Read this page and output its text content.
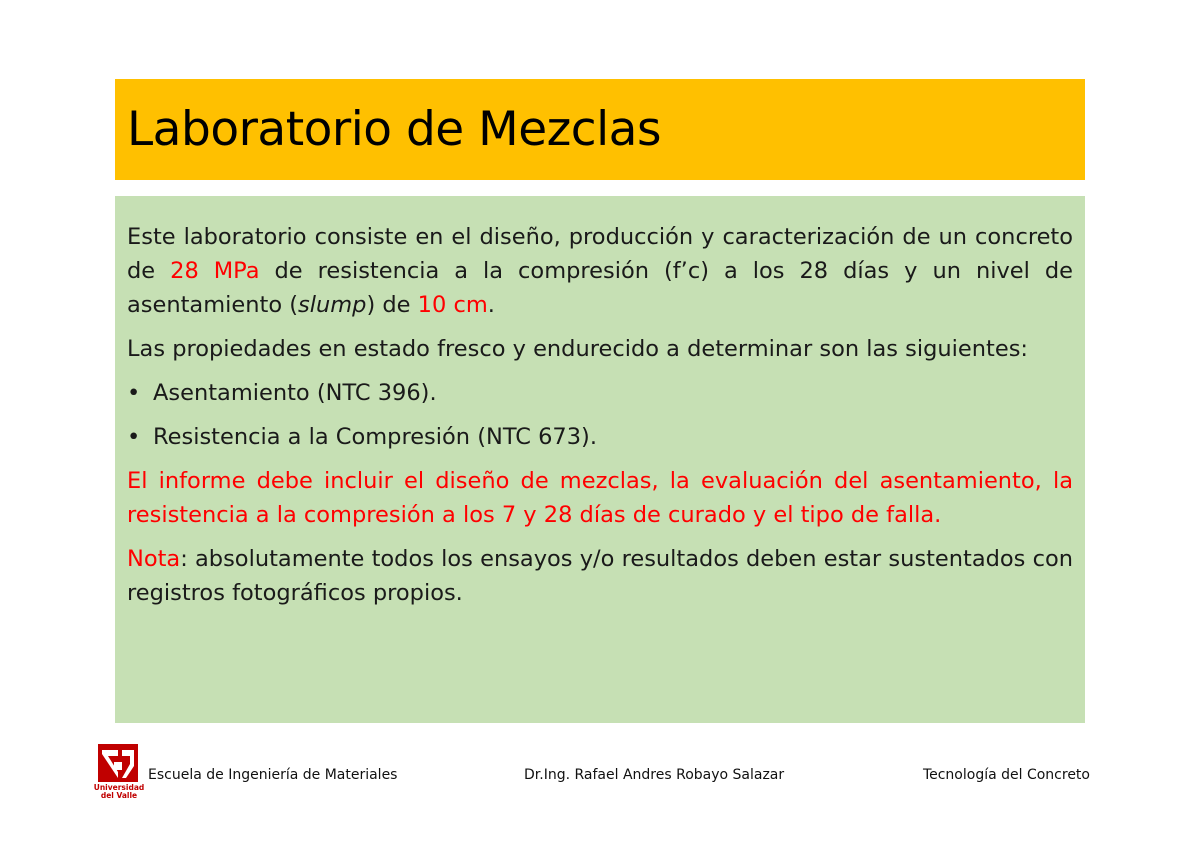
Laboratorio de Mezclas

Este laboratorio consiste en el diseño, producción y caracterización de un concreto de 28 MPa de resistencia a la compresión (f’c) a los 28 días y un nivel de asentamiento (slump) de 10 cm.

Las propiedades en estado fresco y endurecido a determinar son las siguientes:

• Asentamiento (NTC 396).
• Resistencia a la Compresión (NTC 673).

El informe debe incluir el diseño de mezclas, la evaluación del asentamiento, la resistencia a la compresión a los 7 y 28 días de curado y el tipo de falla.

Nota: absolutamente todos los ensayos y/o resultados deben estar sustentados con registros fotográficos propios.

Universidad del Valle
Escuela de Ingeniería de Materiales	Dr.Ing. Rafael Andres Robayo Salazar	Tecnología del Concreto
